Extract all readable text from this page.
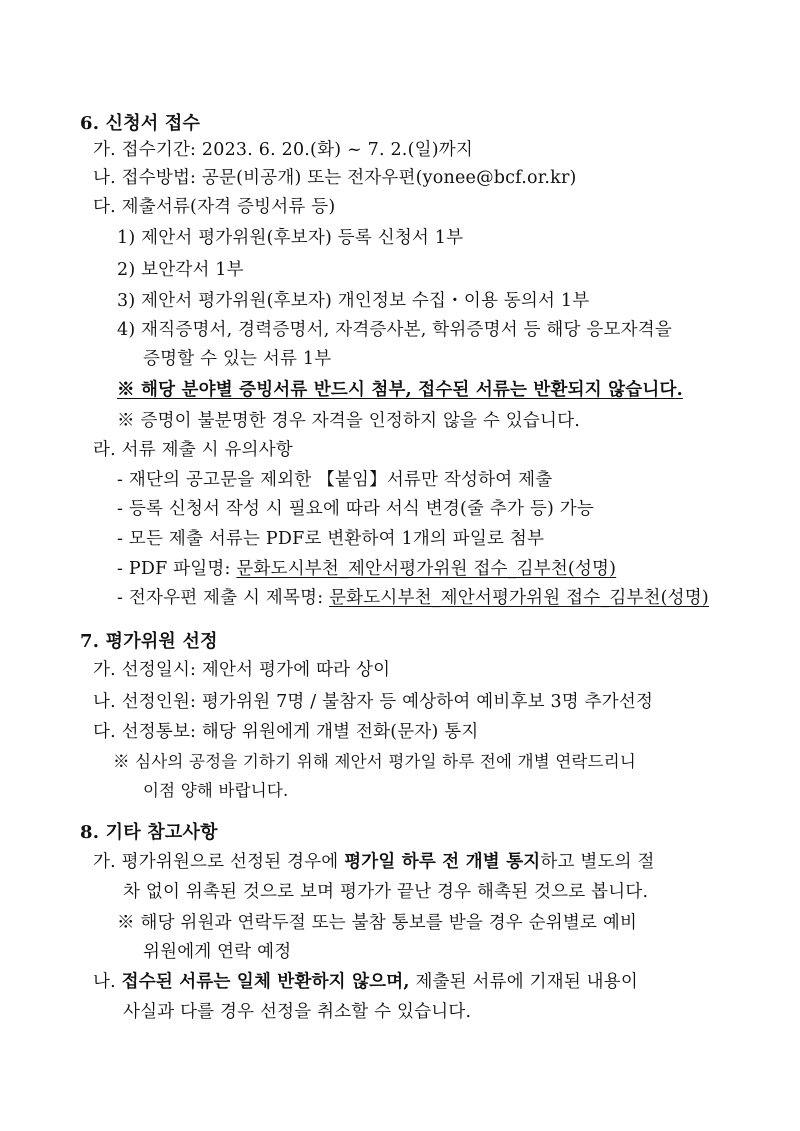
6. 신청서 접수
가. 접수기간: 2023. 6. 20.(화) ~ 7. 2.(일)까지
나. 접수방법: 공문(비공개) 또는 전자우편(yonee@bcf.or.kr)
다. 제출서류(자격 증빙서류 등)
1) 제안서 평가위원(후보자) 등록 신청서 1부
2) 보안각서 1부
3) 제안서 평가위원(후보자) 개인정보 수집・이용 동의서 1부
4) 재직증명서, 경력증명서, 자격증사본, 학위증명서 등 해당 응모자격을
증명할 수 있는 서류 1부
※ 해당 분야별 증빙서류 반드시 첨부, 접수된 서류는 반환되지 않습니다.
※ 증명이 불분명한 경우 자격을 인정하지 않을 수 있습니다.
라. 서류 제출 시 유의사항
- 재단의 공고문을 제외한 【붙임】서류만 작성하여 제출
- 등록 신청서 작성 시 필요에 따라 서식 변경(줄 추가 등) 가능
- 모든 제출 서류는 PDF로 변환하여 1개의 파일로 첨부
- PDF 파일명: 문화도시부천_제안서평가위원 접수_김부천(성명)
- 전자우편 제출 시 제목명: 문화도시부천_제안서평가위원 접수_김부천(성명)
7. 평가위원 선정
가. 선정일시: 제안서 평가에 따라 상이
나. 선정인원: 평가위원 7명 / 불참자 등 예상하여 예비후보 3명 추가선정
다. 선정통보: 해당 위원에게 개별 전화(문자) 통지
※ 심사의 공정을 기하기 위해 제안서 평가일 하루 전에 개별 연락드리니
이점 양해 바랍니다.
8. 기타 참고사항
가. 평가위원으로 선정된 경우에 평가일 하루 전 개별 통지하고 별도의 절
차 없이 위촉된 것으로 보며 평가가 끝난 경우 해촉된 것으로 봅니다.
※ 해당 위원과 연락두절 또는 불참 통보를 받을 경우 순위별로 예비
위원에게 연락 예정
나. 접수된 서류는 일체 반환하지 않으며, 제출된 서류에 기재된 내용이
사실과 다를 경우 선정을 취소할 수 있습니다.
